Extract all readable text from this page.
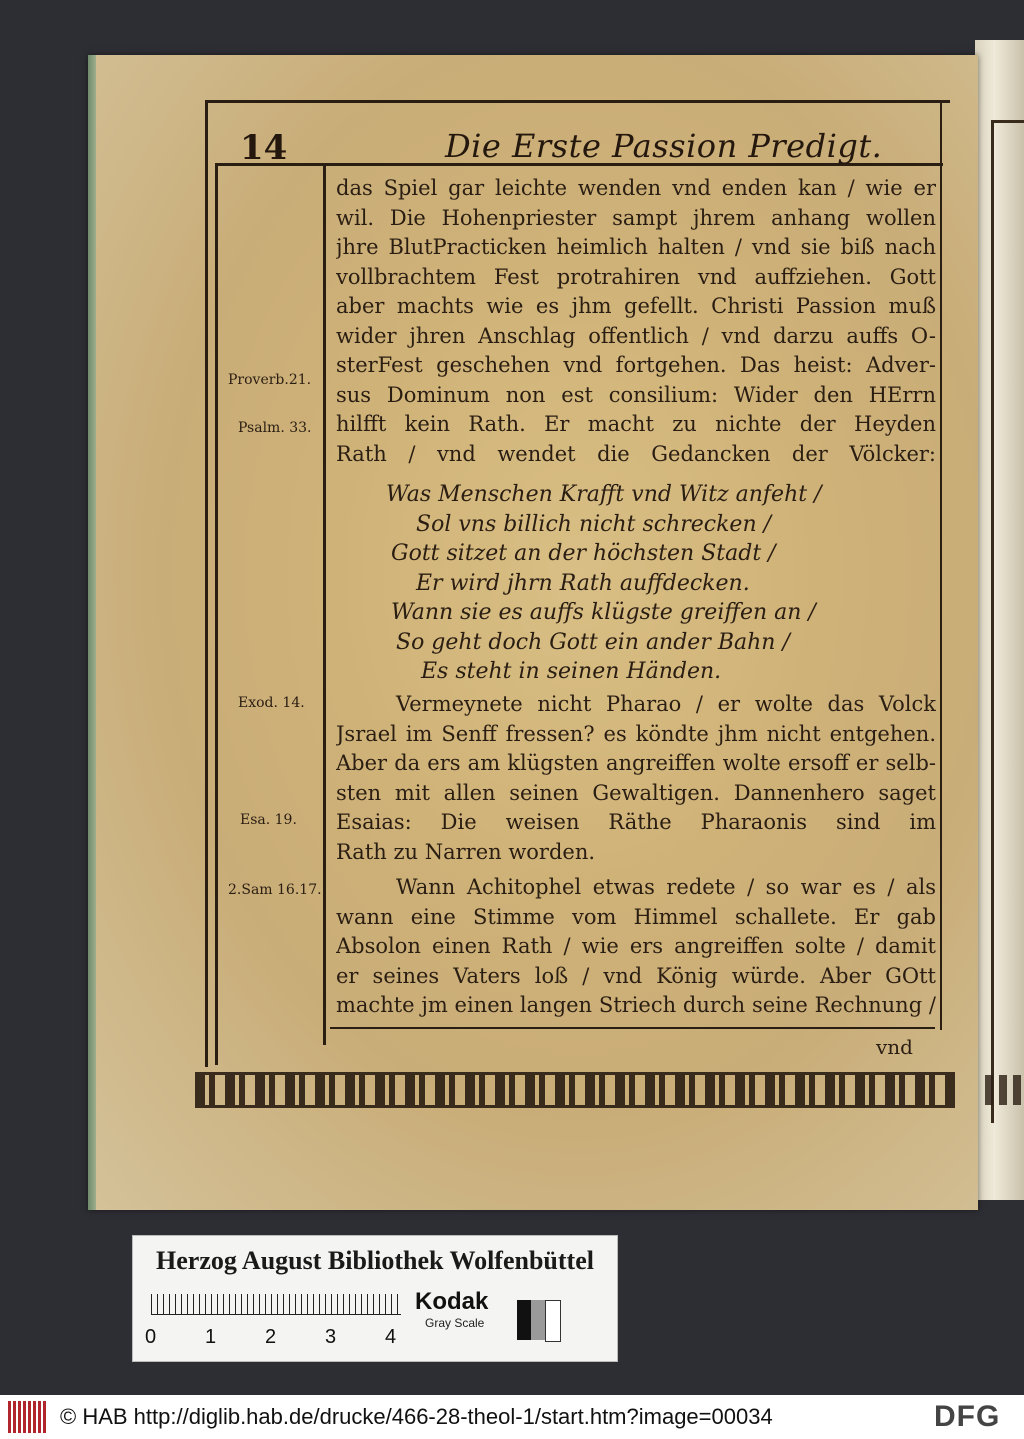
14	Die Erste Passion Predigt.
Proverb.21.
Psalm. 33.
Exod. 14.
Esa. 19.
2.Sam 16.17.
das Spiel gar leichte wenden vnd enden kan / wie er
wil. Die Hohenpriester sampt jhrem anhang wollen
jhre BlutPracticken heimlich halten / vnd sie biß nach
vollbrachtem Fest protrahiren vnd auffziehen. Gott
aber machts wie es jhm gefellt. Christi Passion muß
wider jhren Anschlag offentlich / vnd darzu auffs O-
sterFest geschehen vnd fortgehen. Das heist: Adver-
sus Dominum non est consilium: Wider den HErrn
hilfft kein Rath. Er macht zu nichte der Heyden
Rath / vnd wendet die Gedancken der Völcker:
Was Menschen Krafft vnd Witz anfeht /
Sol vns billich nicht schrecken /
Gott sitzet an der höchsten Stadt /
Er wird jhrn Rath auffdecken.
Wann sie es auffs klügste greiffen an /
So geht doch Gott ein ander Bahn /
Es steht in seinen Händen.
Vermeynete nicht Pharao / er wolte das Volck
Jsrael im Senff fressen? es köndte jhm nicht entgehen.
Aber da ers am klügsten angreiffen wolte ersoff er selb-
sten mit allen seinen Gewaltigen. Dannenhero saget
Esaias: Die weisen Räthe Pharaonis sind im
Rath zu Narren worden.
Wann Achitophel etwas redete / so war es / als
wann eine Stimme vom Himmel schallete. Er gab
Absolon einen Rath / wie ers angreiffen solte / damit
er seines Vaters loß / vnd König würde. Aber GOtt
machte jm einen langen Striech durch seine Rechnung /
vnd
Herzog August Bibliothek Wolfenbüttel
0 1 2 3 4
Kodak
Gray Scale
© HAB http://diglib.hab.de/drucke/466-28-theol-1/start.htm?image=00034	DFG
